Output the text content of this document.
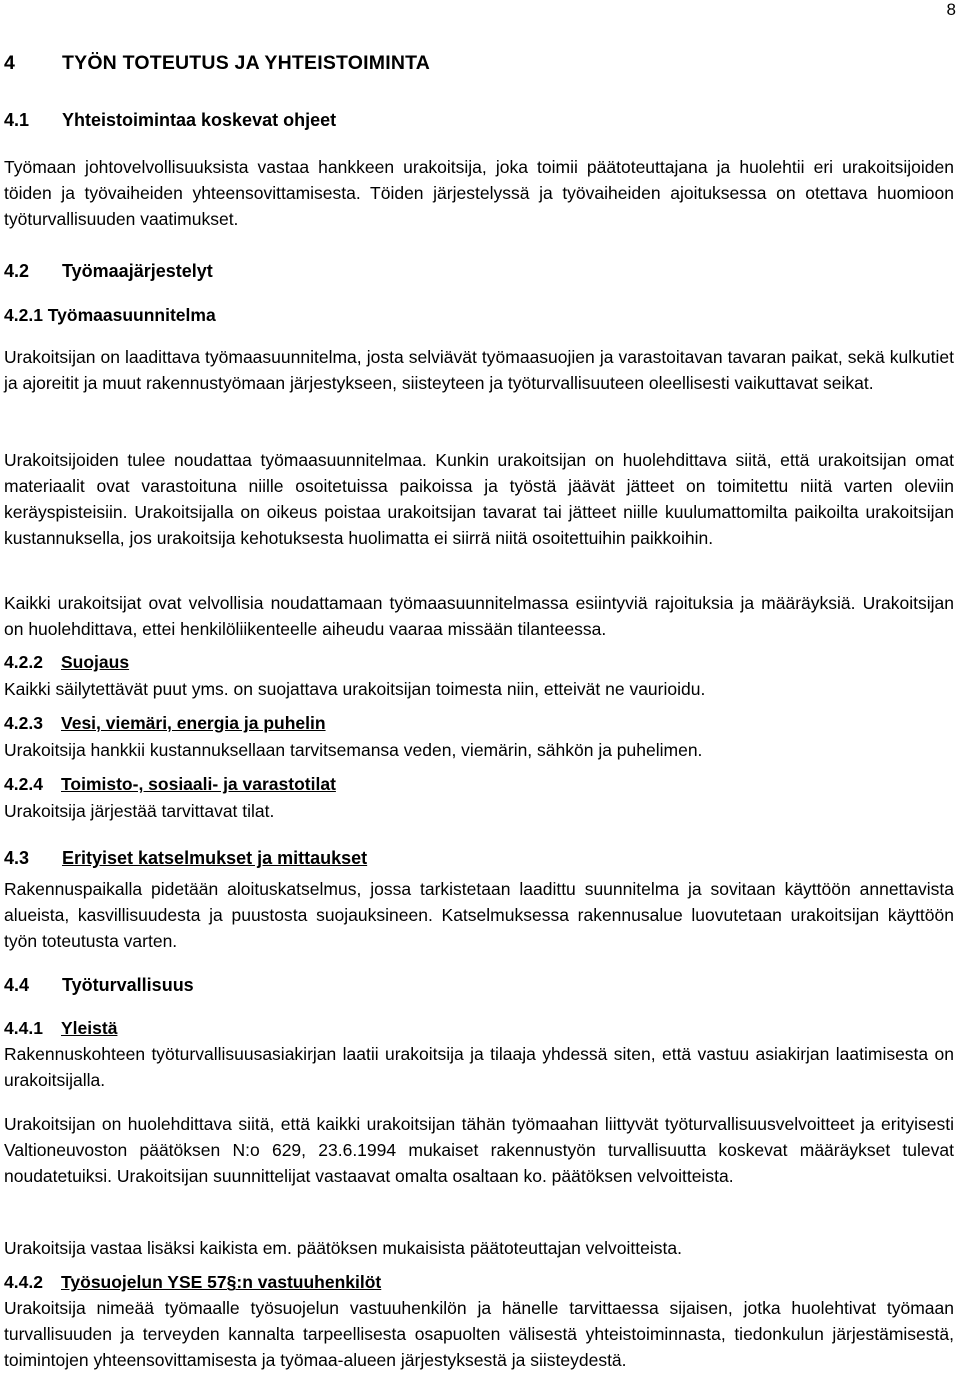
8
4 TYÖN TOTEUTUS JA YHTEISTOIMINTA
4.1 Yhteistoimintaa koskevat ohjeet

Työmaan johtovelvollisuuksista vastaa hankkeen urakoitsija, joka toimii päätoteuttajana ja huolehtii eri urakoitsijoiden töiden ja työvaiheiden yhteensovittamisesta. Töiden järjestelyssä ja työvaiheiden ajoituksessa on otettava huomioon työturvallisuuden vaatimukset.

4.2 Työmaajärjestelyt
4.2.1 Työmaasuunnitelma

Urakoitsijan on laadittava työmaasuunnitelma, josta selviävät työmaasuojien ja varastoitavan tavaran paikat, sekä kulkutiet ja ajoreitit ja muut rakennustyömaan järjestykseen, siisteyteen ja työturvallisuuteen oleellisesti vaikuttavat seikat.

Urakoitsijoiden tulee noudattaa työmaasuunnitelmaa. Kunkin urakoitsijan on huolehdittava siitä, että urakoitsijan omat materiaalit ovat varastoituna niille osoitetuissa paikoissa ja työstä jäävät jätteet on toimitettu niitä varten oleviin keräyspisteisiin. Urakoitsijalla on oikeus poistaa urakoitsijan tavarat tai jätteet niille kuulumattomilta paikoilta urakoitsijan kustannuksella, jos urakoitsija kehotuksesta huolimatta ei siirrä niitä osoitettuihin paikkoihin.

Kaikki urakoitsijat ovat velvollisia noudattamaan työmaasuunnitelmassa esiintyviä rajoituksia ja määräyksiä. Urakoitsijan on huolehdittava, ettei henkilöliikenteelle aiheudu vaaraa missään tilanteessa.

4.2.2 Suojaus

Kaikki säilytettävät puut yms. on suojattava urakoitsijan toimesta niin, etteivät ne vaurioidu.

4.2.3 Vesi, viemäri, energia ja puhelin

Urakoitsija hankkii kustannuksellaan tarvitsemansa veden, viemärin, sähkön ja puhelimen.

4.2.4 Toimisto-, sosiaali- ja varastotilat

Urakoitsija järjestää tarvittavat tilat.

4.3 Erityiset katselmukset ja mittaukset

Rakennuspaikalla pidetään aloituskatselmus, jossa tarkistetaan laadittu suunnitelma ja sovitaan käyttöön annettavista alueista, kasvillisuudesta ja puustosta suojauksineen. Katselmuksessa rakennusalue luovutetaan urakoitsijan käyttöön työn toteutusta varten.

4.4 Työturvallisuus
4.4.1 Yleistä

Rakennuskohteen työturvallisuusasiakirjan laatii urakoitsija ja tilaaja yhdessä siten, että vastuu asiakirjan laatimisesta on urakoitsijalla.

Urakoitsijan on huolehdittava siitä, että kaikki urakoitsijan tähän työmaahan liittyvät työturvallisuusvelvoitteet ja erityisesti Valtioneuvoston päätöksen N:o 629, 23.6.1994 mukaiset rakennustyön turvallisuutta koskevat määräykset tulevat noudatetuiksi. Urakoitsijan suunnittelijat vastaavat omalta osaltaan ko. päätöksen velvoitteista.

Urakoitsija vastaa lisäksi kaikista em. päätöksen mukaisista päätoteuttajan velvoitteista.

4.4.2 Työsuojelun YSE 57§:n vastuuhenkilöt

Urakoitsija nimeää työmaalle työsuojelun vastuuhenkilön ja hänelle tarvittaessa sijaisen, jotka huolehtivat työmaan turvallisuuden ja terveyden kannalta tarpeellisesta osapuolten välisestä yhteistoiminnasta, tiedonkulun järjestämisestä, toimintojen yhteensovittamisesta ja työmaa-alueen järjestyksestä ja siisteydestä.
